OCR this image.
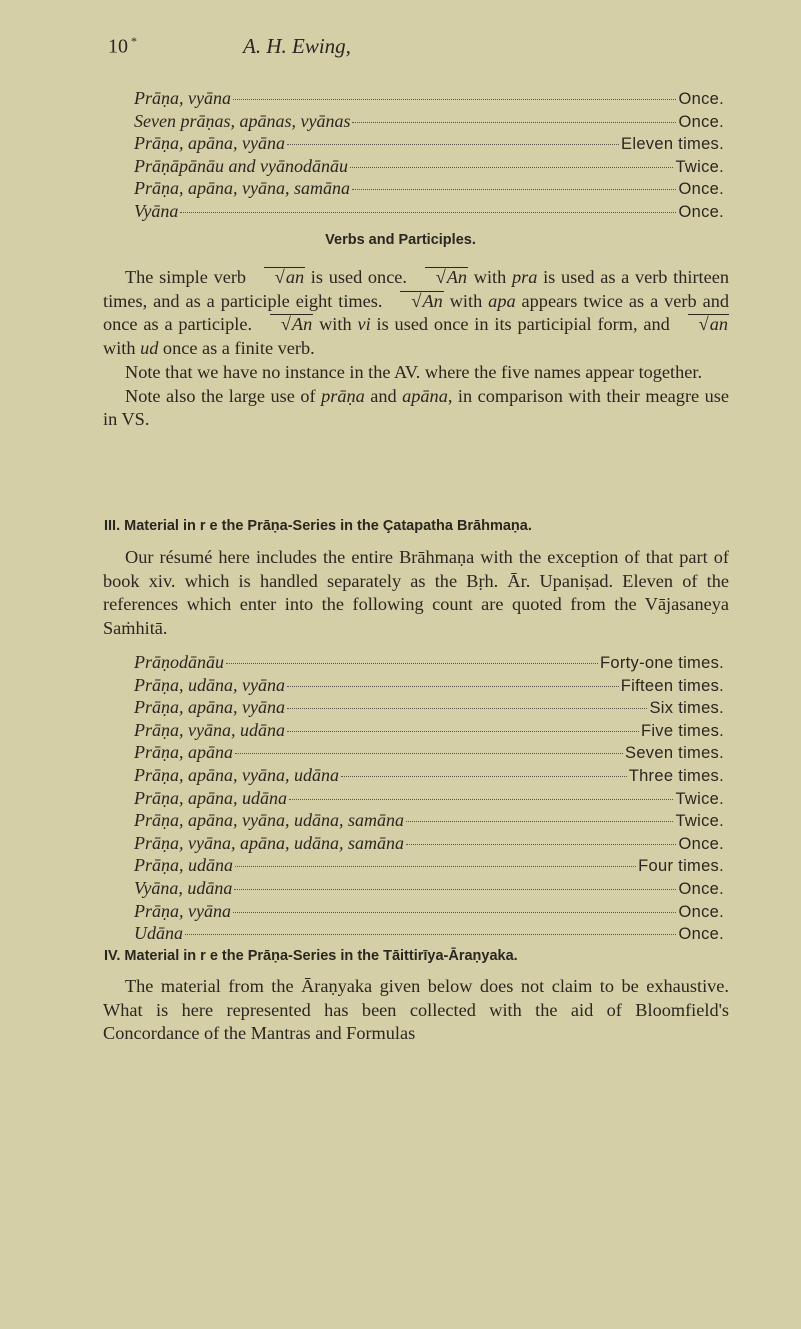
10 *	A. H. Ewing,
Prāṇa, vyāna	Once.
Seven prāṇas, apānas, vyānas	Once.
Prāṇa, apāna, vyāna	Eleven times.
Prāṇāpānāu and vyānodānāu	Twice.
Prāṇa, apāna, vyāna, samāna	Once.
Vyāna	Once.
Verbs and Participles.

The simple verb √ an is used once. √ An with pra is used as a verb thirteen times, and as a participle eight times. √ An with apa appears twice as a verb and once as a participle. √ An with vi is used once in its participial form, and √ an with ud once as a finite verb.

Note that we have no instance in the AV. where the five names appear together.

Note also the large use of prāṇa and apāna, in comparison with their meagre use in VS.

III. Material in r e the Prāṇa-Series in the Çatapatha Brāhmaṇa.

Our résumé here includes the entire Brāhmaṇa with the exception of that part of book xiv. which is handled separately as the Bṛh. Ār. Upaniṣad. Eleven of the references which enter into the following count are quoted from the Vājasaneya Saṁhitā.

Prāṇodānāu	Forty-one times.
Prāṇa, udāna, vyāna	Fifteen times.
Prāṇa, apāna, vyāna	Six times.
Prāṇa, vyāna, udāna	Five times.
Prāṇa, apāna	Seven times.
Prāṇa, apāna, vyāna, udāna	Three times.
Prāṇa, apāna, udāna	Twice.
Prāṇa, apāna, vyāna, udāna, samāna	Twice.
Prāṇa, vyāna, apāna, udāna, samāna	Once.
Prāṇa, udāna	Four times.
Vyāna, udāna	Once.
Prāṇa, vyāna	Once.
Udāna	Once.
IV. Material in r e the Prāṇa-Series in the Tāittirīya-Āraṇyaka.

The material from the Āraṇyaka given below does not claim to be exhaustive. What is here represented has been collected with the aid of Bloomfield's Concordance of the Mantras and Formulas
